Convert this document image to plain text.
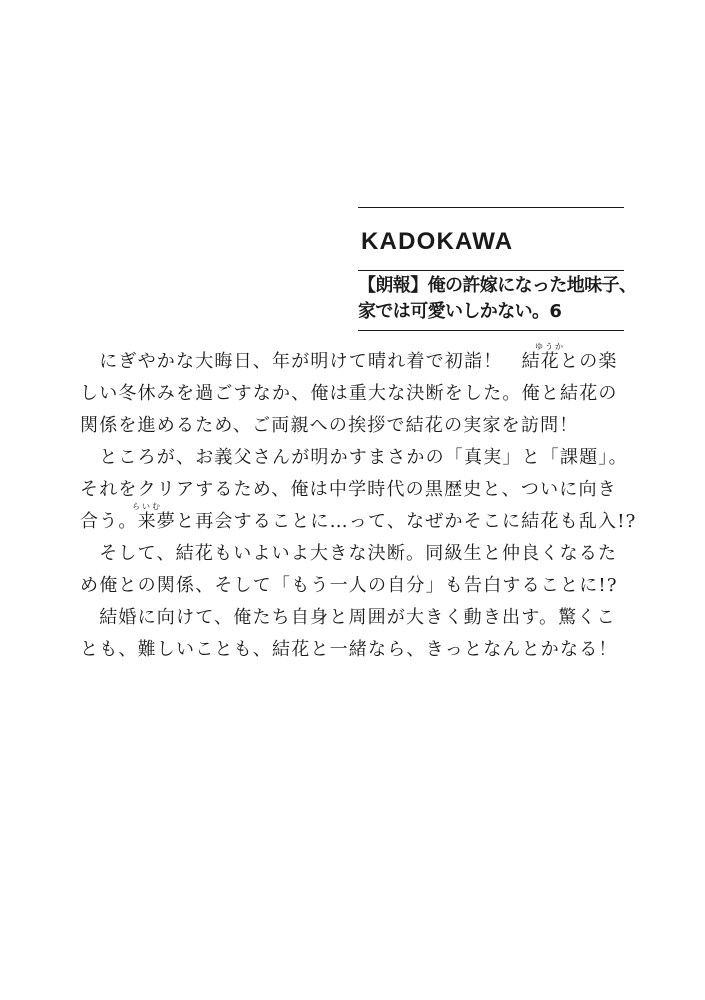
KADOKAWA
【朗報】俺の許嫁になった地味子、
家では可愛いしかない。6
ゆうか
　にぎやかな大晦日、年が明けて晴れ着で初詣！　結花との楽
しい冬休みを過ごすなか、俺は重大な決断をした。俺と結花の
関係を進めるため、ご両親への挨拶で結花の実家を訪問！
　ところが、お義父さんが明かすまさかの「真実」と「課題」。
それをクリアするため、俺は中学時代の黒歴史と、ついに向き
らいむ
合う。来夢と再会することに…って、なぜかそこに結花も乱入!?
　そして、結花もいよいよ大きな決断。同級生と仲良くなるた
め俺との関係、そして「もう一人の自分」も告白することに!?
　結婚に向けて、俺たち自身と周囲が大きく動き出す。驚くこ
とも、難しいことも、結花と一緒なら、きっとなんとかなる！
